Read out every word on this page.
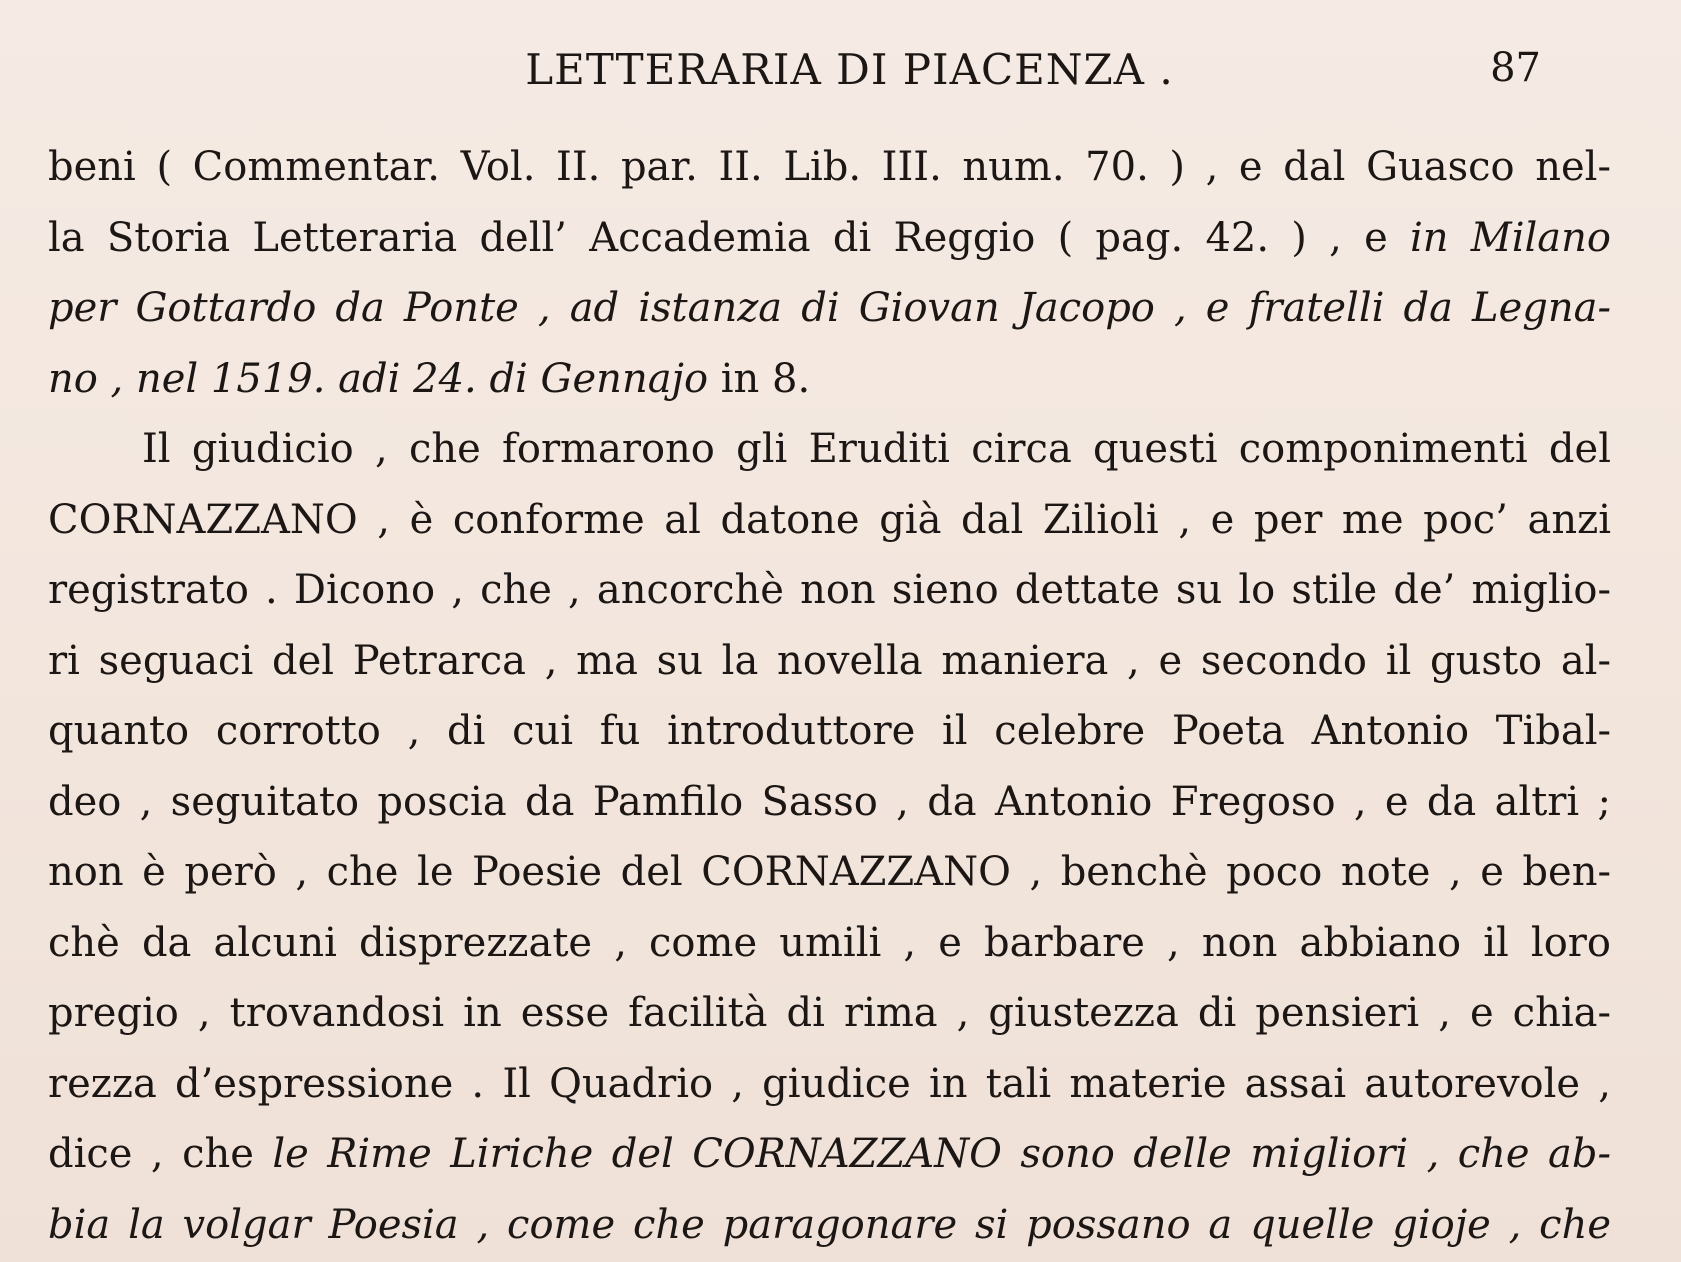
LETTERARIA DI PIACENZA .	87
beni ( Commentar. Vol. II. par. II. Lib. III. num. 70. ) , e dal Guasco nel-
la Storia Letteraria dell’ Accademia di Reggio ( pag. 42. ) , e in Milano
per Gottardo da Ponte , ad istanza di Giovan Jacopo , e fratelli da Legna-
no , nel 1519. adi 24. di Gennajo in 8.
Il giudicio , che formarono gli Eruditi circa questi componimenti del
CORNAZZANO , è conforme al datone già dal Zilioli , e per me poc’ anzi
registrato . Dicono , che , ancorchè non sieno dettate su lo stile de’ miglio-
ri seguaci del Petrarca , ma su la novella maniera , e secondo il gusto al-
quanto corrotto , di cui fu introduttore il celebre Poeta Antonio Tibal-
deo , seguitato poscia da Pamfilo Sasso , da Antonio Fregoso , e da altri ;
non è però , che le Poesie del CORNAZZANO , benchè poco note , e ben-
chè da alcuni disprezzate , come umili , e barbare , non abbiano il loro
pregio , trovandosi in esse facilità di rima , giustezza di pensieri , e chia-
rezza d’espressione . Il Quadrio , giudice in tali materie assai autorevole ,
dice , che le Rime Liriche del CORNAZZANO sono delle migliori , che ab-
bia la volgar Poesia , come che paragonare si possano a quelle gioje , che
